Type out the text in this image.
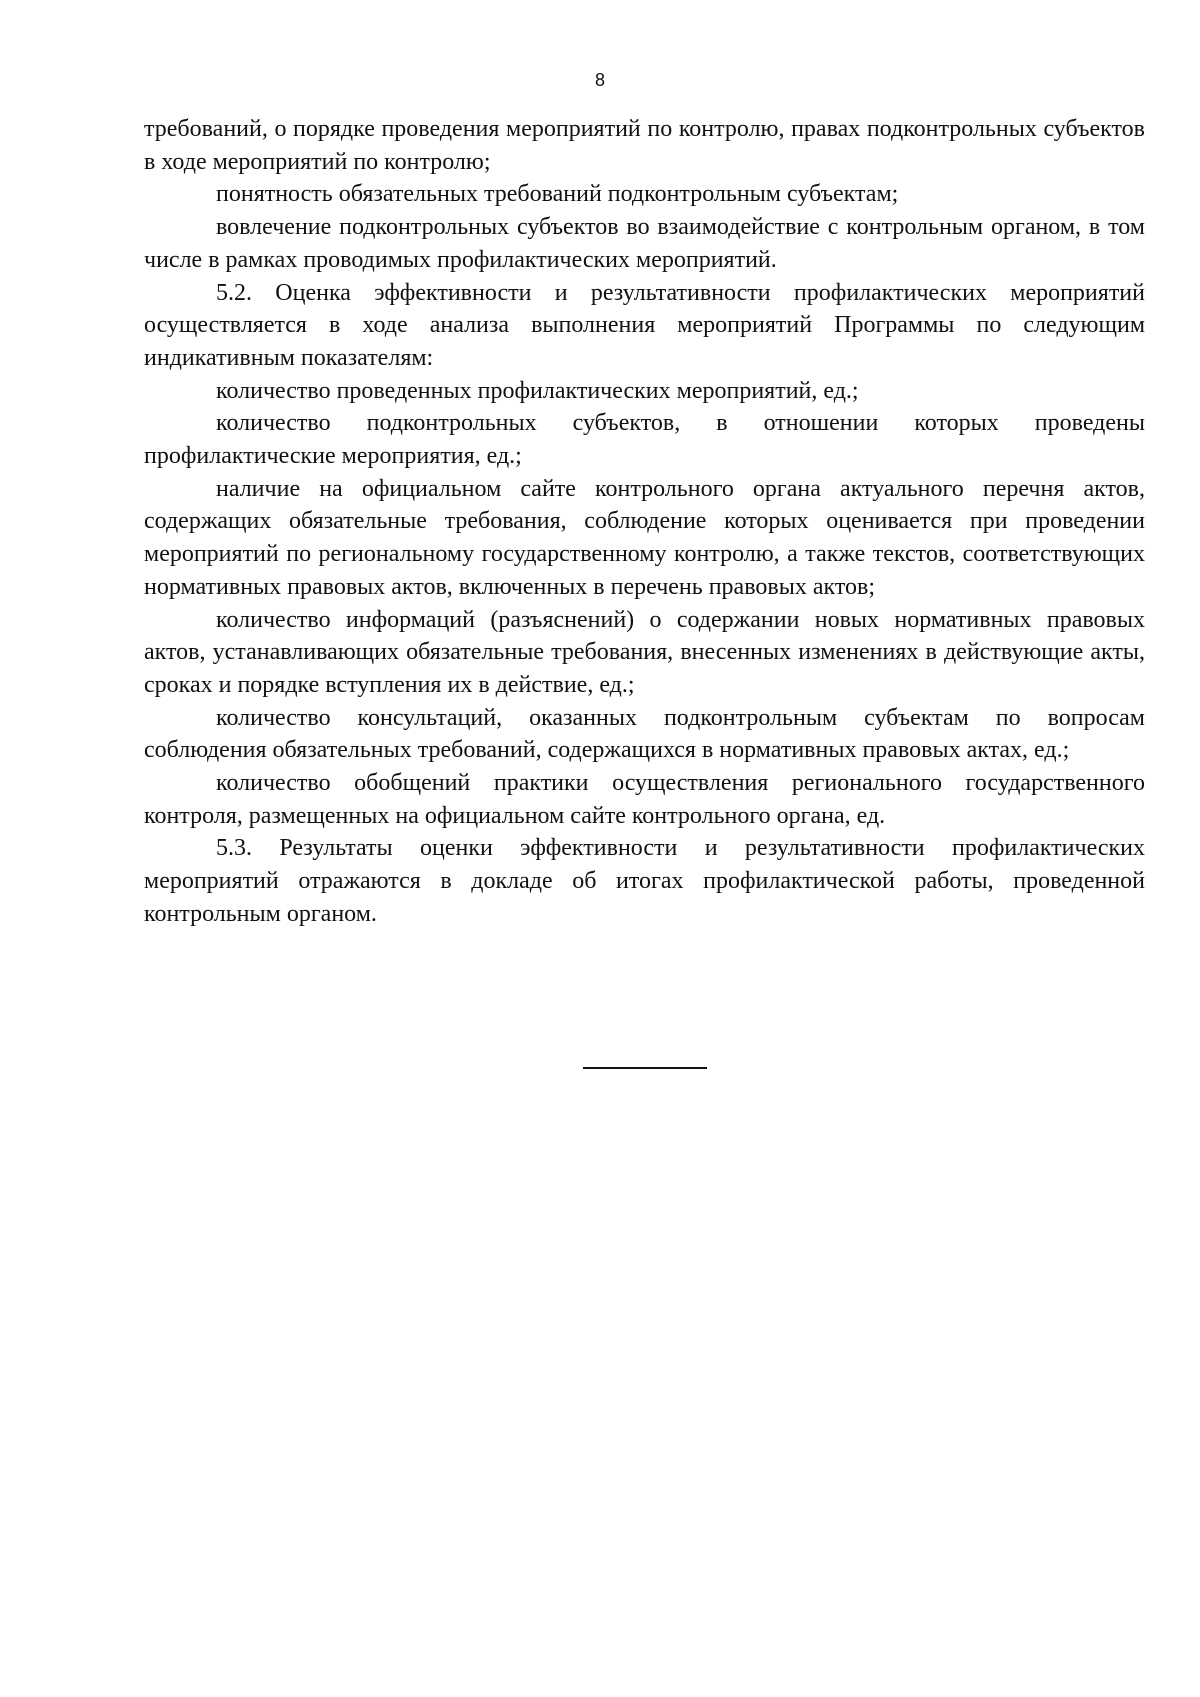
8

требований, о порядке проведения мероприятий по контролю, правах подконтрольных субъектов в ходе мероприятий по контролю;

понятность обязательных требований подконтрольным субъектам;

вовлечение подконтрольных субъектов во взаимодействие с контрольным органом, в том числе в рамках проводимых профилактических мероприятий.

5.2. Оценка эффективности и результативности профилактических мероприятий осуществляется в ходе анализа выполнения мероприятий Программы по следующим индикативным показателям:

количество проведенных профилактических мероприятий, ед.;

количество подконтрольных субъектов, в отношении которых проведены профилактические мероприятия, ед.;

наличие на официальном сайте контрольного органа актуального перечня актов, содержащих обязательные требования, соблюдение которых оценивается при проведении мероприятий по региональному государственному контролю, а также текстов, соответствующих нормативных правовых актов, включенных в перечень правовых актов;

количество информаций (разъяснений) о содержании новых нормативных правовых актов, устанавливающих обязательные требования, внесенных изменениях в действующие акты, сроках и порядке вступления их в действие, ед.;

количество консультаций, оказанных подконтрольным субъектам по вопросам соблюдения обязательных требований, содержащихся в нормативных правовых актах, ед.;

количество обобщений практики осуществления регионального государственного контроля, размещенных на официальном сайте контрольного органа, ед.

5.3. Результаты оценки эффективности и результативности профилактических мероприятий отражаются в докладе об итогах профилактической работы, проведенной контрольным органом.
